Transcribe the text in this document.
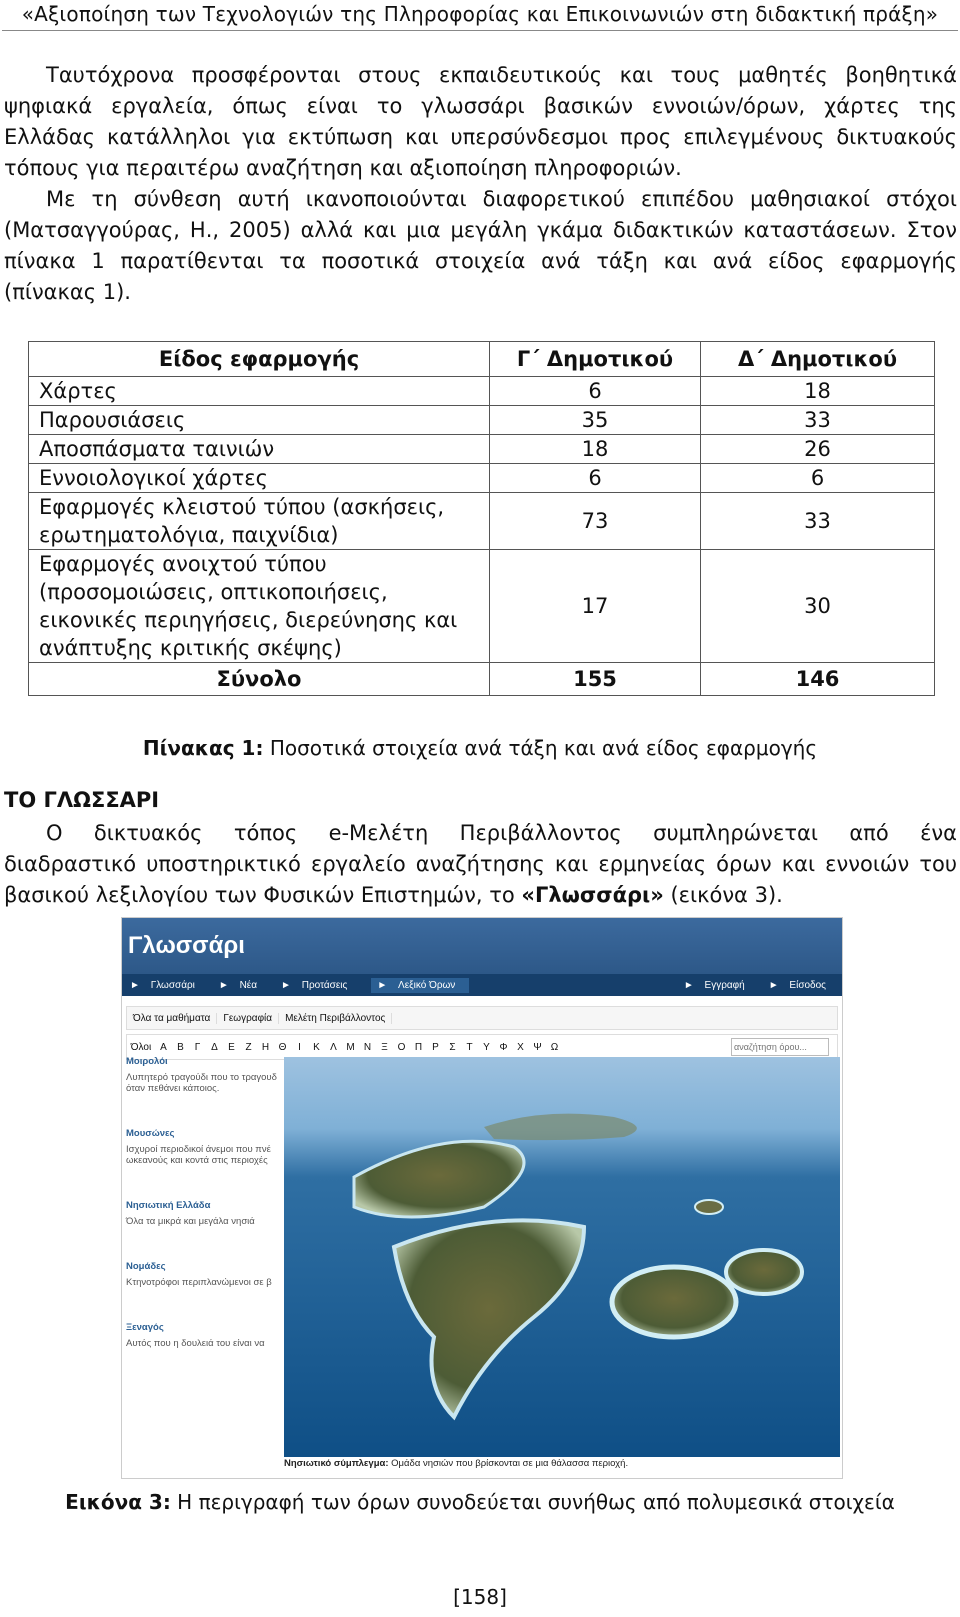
«Αξιοποίηση των Τεχνολογιών της Πληροφορίας και Επικοινωνιών στη διδακτική πράξη»
Ταυτόχρονα προσφέρονται στους εκπαιδευτικούς και τους μαθητές βοηθητικά
ψηφιακά εργαλεία, όπως είναι το γλωσσάρι βασικών εννοιών/όρων, χάρτες της
Ελλάδας κατάλληλοι για εκτύπωση και υπερσύνδεσμοι προς επιλεγμένους δικτυακούς
τόπους για περαιτέρω αναζήτηση και αξιοποίηση πληροφοριών.
Με τη σύνθεση αυτή ικανοποιούνται διαφορετικού επιπέδου μαθησιακοί στόχοι
(Ματσαγγούρας, Η., 2005) αλλά και μια μεγάλη γκάμα διδακτικών καταστάσεων. Στον
πίνακα 1 παρατίθενται τα ποσοτικά στοιχεία ανά τάξη και ανά είδος εφαρμογής
(πίνακας 1).
Είδος εφαρμογής	Γ΄ Δημοτικού	Δ΄ Δημοτικού
Χάρτες	6	18
Παρουσιάσεις	35	33
Αποσπάσματα ταινιών	18	26
Εννοιολογικοί χάρτες	6	6
Εφαρμογές κλειστού τύπου (ασκήσεις, ερωτηματολόγια, παιχνίδια)	73	33
Εφαρμογές ανοιχτού τύπου (προσομοιώσεις, οπτικοποιήσεις, εικονικές περιηγήσεις, διερεύνησης και ανάπτυξης κριτικής σκέψης)	17	30
Σύνολο	155	146
Πίνακας 1: Ποσοτικά στοιχεία ανά τάξη και ανά είδος εφαρμογής
ΤΟ ΓΛΩΣΣΑΡΙ
Ο δικτυακός τόπος e-Μελέτη Περιβάλλοντος συμπληρώνεται από ένα
διαδραστικό υποστηρικτικό εργαλείο αναζήτησης και ερμηνείας όρων και εννοιών του
βασικού λεξιλογίου των Φυσικών Επιστημών, το «Γλωσσάρι» (εικόνα 3).
Γλωσσάρι
► Γλωσσάρι	► Νέα	► Προτάσεις	► Λεξικό Όρων	► Εγγραφή	► Είσοδος
Όλα τα μαθήματα	Γεωγραφία	Μελέτη Περιβάλλοντος
Όλοι Α	Β	Γ	Δ	Ε	Ζ	Η Θ	Ι	Κ	Λ Μ Ν	Ξ Ο Π	Ρ	Σ	Τ	Υ Φ Χ Ψ Ω
αναζήτηση όρου...
Μοιρολόι
Λυπητερό τραγούδι που το τραγουδ όταν πεθάνει κάποιος.
Μουσώνες
Ισχυροί περιοδικοί άνεμοι που πνέ ωκεανούς και κοντά στις περιοχές
Νησιωτική Ελλάδα
Όλα τα μικρά και μεγάλα νησιά
Νομάδες
Κτηνοτρόφοι περιπλανώμενοι σε β
Ξεναγός
Αυτός που η δουλειά του είναι να
Νησιωτικό σύμπλεγμα: Ομάδα νησιών που βρίσκονται σε μια θάλασσα περιοχή.
Εικόνα 3: Η περιγραφή των όρων συνοδεύεται συνήθως από πολυμεσικά στοιχεία
[158]
